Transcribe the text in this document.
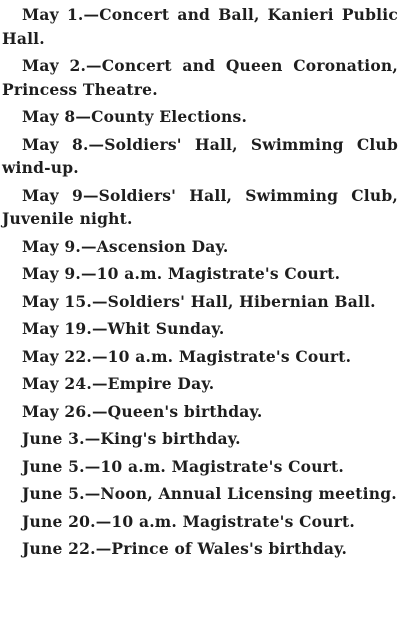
May 1.—Concert and Ball, Kanieri Public Hall.

May 2.—Concert and Queen Coronation, Princess Theatre.

May 8—County Elections.

May 8.—Soldiers' Hall, Swimming Club wind-up.

May 9—Soldiers' Hall, Swimming Club, Juvenile night.

May 9.—Ascension Day.

May 9.—10 a.m. Magistrate's Court.

May 15.—Soldiers' Hall, Hibernian Ball.

May 19.—Whit Sunday.

May 22.—10 a.m. Magistrate's Court.

May 24.—Empire Day.

May 26.—Queen's birthday.

June 3.—King's birthday.

June 5.—10 a.m. Magistrate's Court.

June 5.—Noon, Annual Licensing meeting.

June 20.—10 a.m. Magistrate's Court.

June 22.—Prince of Wales's birthday.
